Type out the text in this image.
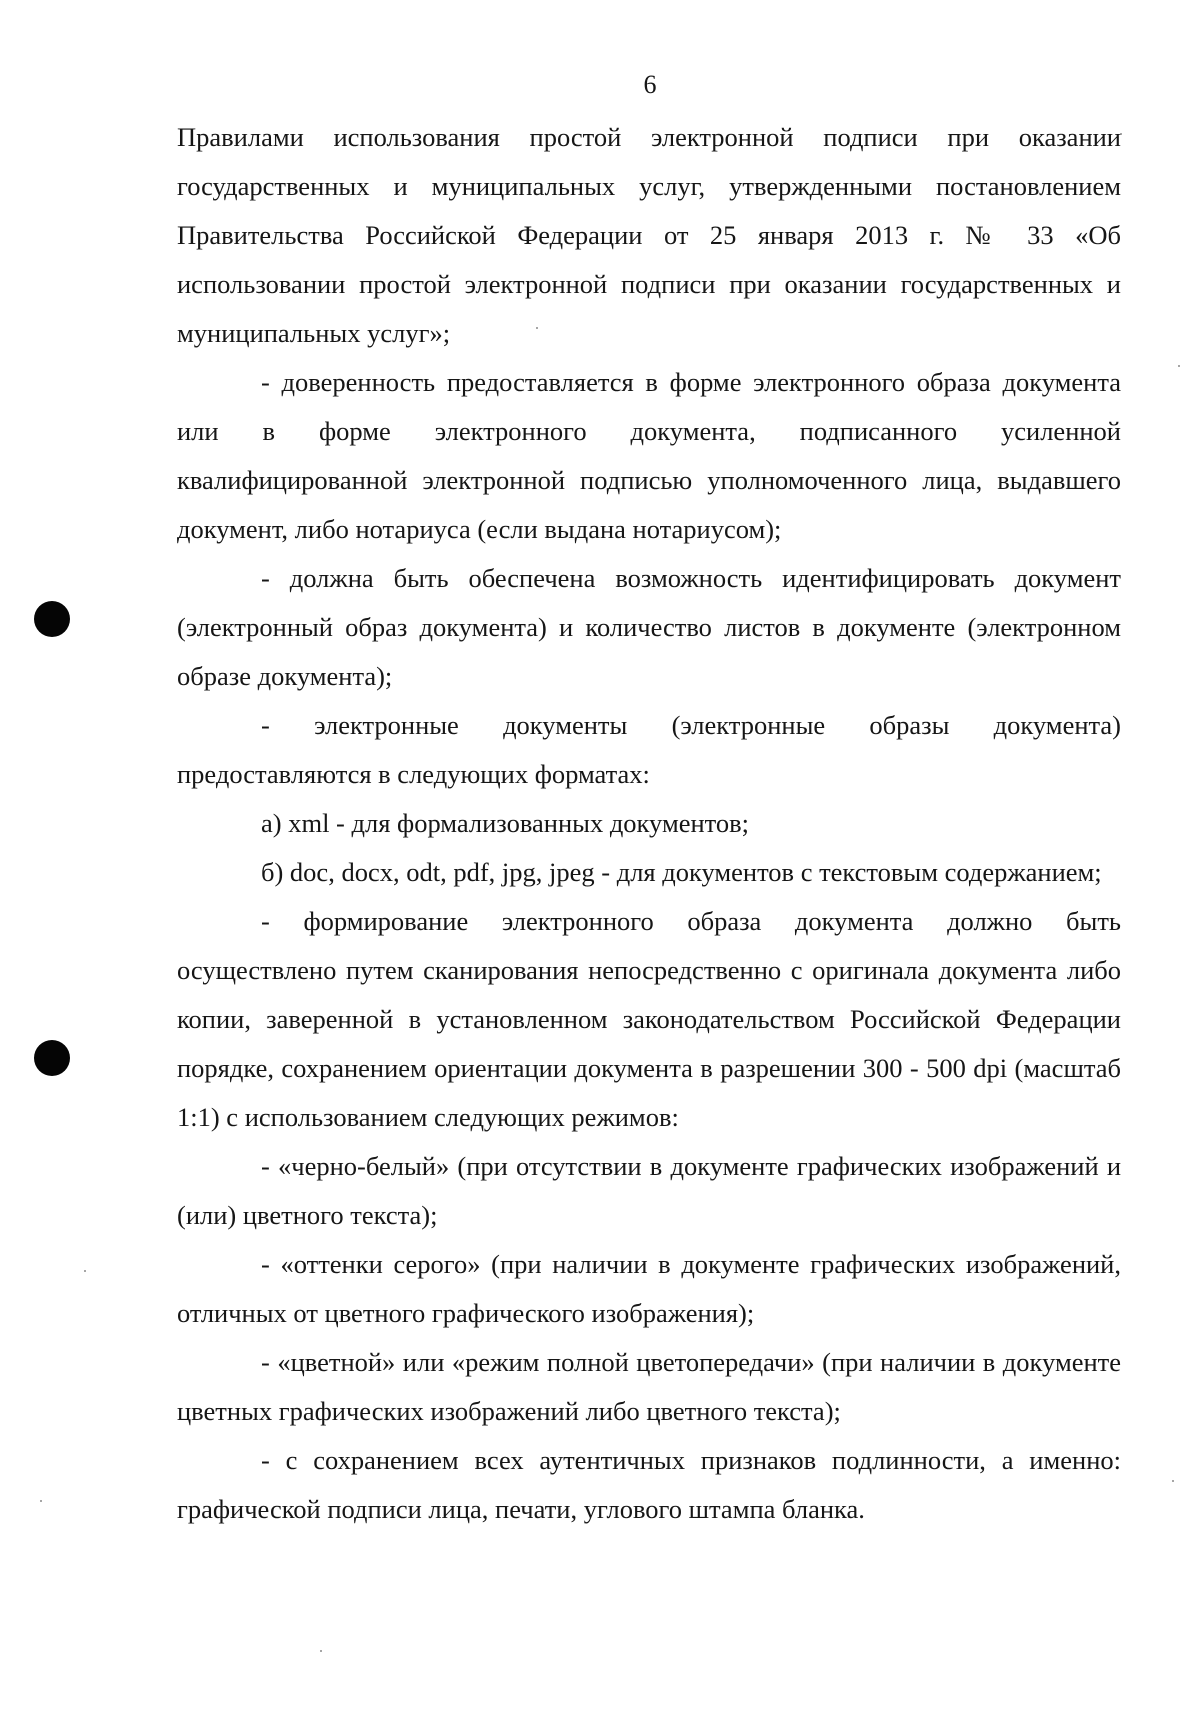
6

Правилами использования простой электронной подписи при оказании государственных и муниципальных услуг, утвержденными постановлением Правительства Российской Федерации от 25 января 2013 г. № 33 «Об использовании простой электронной подписи при оказании государственных и муниципальных услуг»;

- доверенность предоставляется в форме электронного образа документа или в форме электронного документа, подписанного усиленной квалифицированной электронной подписью уполномоченного лица, выдавшего документ, либо нотариуса (если выдана нотариусом);

- должна быть обеспечена возможность идентифицировать документ (электронный образ документа) и количество листов в документе (электронном образе документа);

- электронные документы (электронные образы документа) предоставляются в следующих форматах:

а) xml - для формализованных документов;

б) doc, docx, odt, pdf, jpg, jpeg - для документов с текстовым содержанием;

- формирование электронного образа документа должно быть осуществлено путем сканирования непосредственно с оригинала документа либо копии, заверенной в установленном законодательством Российской Федерации порядке, сохранением ориентации документа в разрешении 300 - 500 dpi (масштаб 1:1) с использованием следующих режимов:

- «черно-белый» (при отсутствии в документе графических изображений и (или) цветного текста);

- «оттенки серого» (при наличии в документе графических изображений, отличных от цветного графического изображения);

- «цветной» или «режим полной цветопередачи» (при наличии в документе цветных графических изображений либо цветного текста);

- с сохранением всех аутентичных признаков подлинности, а именно: графической подписи лица, печати, углового штампа бланка.
